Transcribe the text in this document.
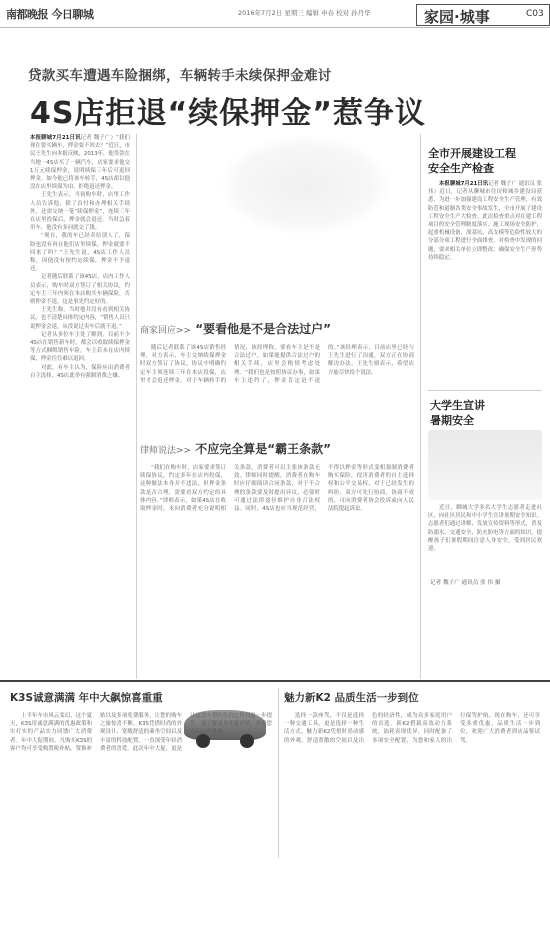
南都晚报 今日聊城	2016年7月2日 星期三 编辑 申春 校对 孙丹华	家园·城事	C03
贷款买车遭遇车险捆绑，车辆转手未续保押金难讨
4S店拒退“续保押金”惹争议

本报聊城7月21日讯记者 魏子广）“我们现在要买辆车，押金要不回去？”近日，市民王先生向本报反映，2013年，他贷款在当地一4S店买了一辆汽车，店家要求他交1万元续保押金，说明续保三年后可退回押金。如今他已将该车转手，4S店却以他没在店里续保为由，拒绝退还押金。

王先生表示，当初购车时，店里工作人员告诉他，除了首付和办理相关手续外，还需交纳一笔“续保押金”，连续三年在店里投保后，押金就会退还。当时急着用车，他没有多问就交了钱。

“现在，我的车已经卖给别人了，保险也没有再在他们店里续保，押金就要不回来了吗？”王先生说，4S店工作人员称，因他没有按约定续保，押金不予退还。

记者随后联系了该4S店，店内工作人员表示，购车时双方签订了相关协议，约定车主三年内须在本店购买车辆保险，否则押金不退，这是事先约定好的。

王先生称，当时他并没有看到相关协议，也不清楚具体约定内容，“销售人员只说押金会退，从没说过卖车后就不退。”

记者从多位车主处了解到，目前不少4S店在销售新车时，都会以收取续保押金等方式捆绑销售车险，车主若未在店内续保，押金往往难以退回。

对此，有车主认为，保险应由消费者自主选择，4S店此举有强制消费之嫌。

商家回应>> “要看他是不是合法过户”

随后记者联系了该4S店销售经理，对方表示，车主交纳续保押金时双方签订了协议，协议中明确约定车主须连续三年在本店投保，店里才会退还押金。对于车辆转手的情况，该经理称，要看车主是不是合法过户，如果能提供合法过户的相关手续，店里会酌情考虑处理。“我们也是按照协议办事，如果车主违约了，押金肯定是不退的。”该经理表示，目前店里已经与王先生进行了沟通，双方正在协商解决办法。王先生则表示，希望店方能尽快给个说法。

律师说法>> 不应完全算是“霸王条款”

“我们在购车时，店家要求签订续保协议，约定多年在店内投保，这种做法本身并不违法，但押金条款是否合理，需要看双方约定的具体内容。”律师表示，如果4S店在收取押金时，未向消费者充分说明相关条款，消费者可以主张该条款无效。律师同时提醒，消费者在购车时应仔细阅读合同条款，对于不合理的条款要及时提出异议，必要时可通过法律途径维护自身合法权益。同时，4S店也应当规范经营，不得以押金等形式变相强制消费者购买保险，侵害消费者的自主选择权和公平交易权。对于已经发生的纠纷，双方可先行协商，协商不成的，可向消费者协会投诉或向人民法院提起诉讼。

全市开展建设工程
安全生产检查

本报聊城7月21日讯记者 魏子广 通讯员 张伟）近日，记者从聊城市住房和城乡建设局获悉，为进一步加强建设工程安全生产管理，有效防范和遏制各类安全事故发生，全市开展了建设工程安全生产大检查。此次检查重点对在建工程项目的安全管理制度落实、施工现场安全防护、起重机械设备、深基坑、高支模等危险性较大的分部分项工程进行全面排查。对检查中发现的问题，要求相关单位立即整改，确保安全生产形势持续稳定。

大学生宣讲
暑期安全

近日，聊城大学多名大学生志愿者走进社区，向社区居民和中小学生宣讲暑期安全知识。志愿者们通过讲解、发放宣传资料等形式，普及防溺水、交通安全、防火防电等方面的知识，提醒孩子们暑假期间注意人身安全，受到居民欢迎。

记者 魏子广 通讯员 张 伟 摄
K3S诚意满满 年中大飙惊喜重重

上半年车市风云变幻，这个夏天，K3S用诚意满满的优惠政策和实打实的产品实力回馈广大消费者。年中大促期间，凡购买K3S的客户均可享受购置税补贴、置换补贴以及多项免费服务，让您的购车之旅惊喜不断。K3S凭借时尚的外观设计、宽敞舒适的乘坐空间以及丰富的科技配置，一直深受年轻消费者的喜爱。此次年中大促，更是让这款车型的性价比得到进一步提升。欲了解更多优惠详情，欢迎您亲临店内垂询。

魅力新K2 品质生活一步到位

选择一款座驾，不仅是选择一种交通工具，更是选择一种生活方式。魅力新K2凭借时尚动感的外观、舒适宽敞的空间以及出色的经济性，成为众多家庭用户的首选。新K2搭载高效动力系统，油耗表现优异，同时配备了多项安全配置，为您和家人的出行保驾护航。现在购车，还可享受多重优惠，品质生活一步到位，欢迎广大消费者到店品鉴试驾。
